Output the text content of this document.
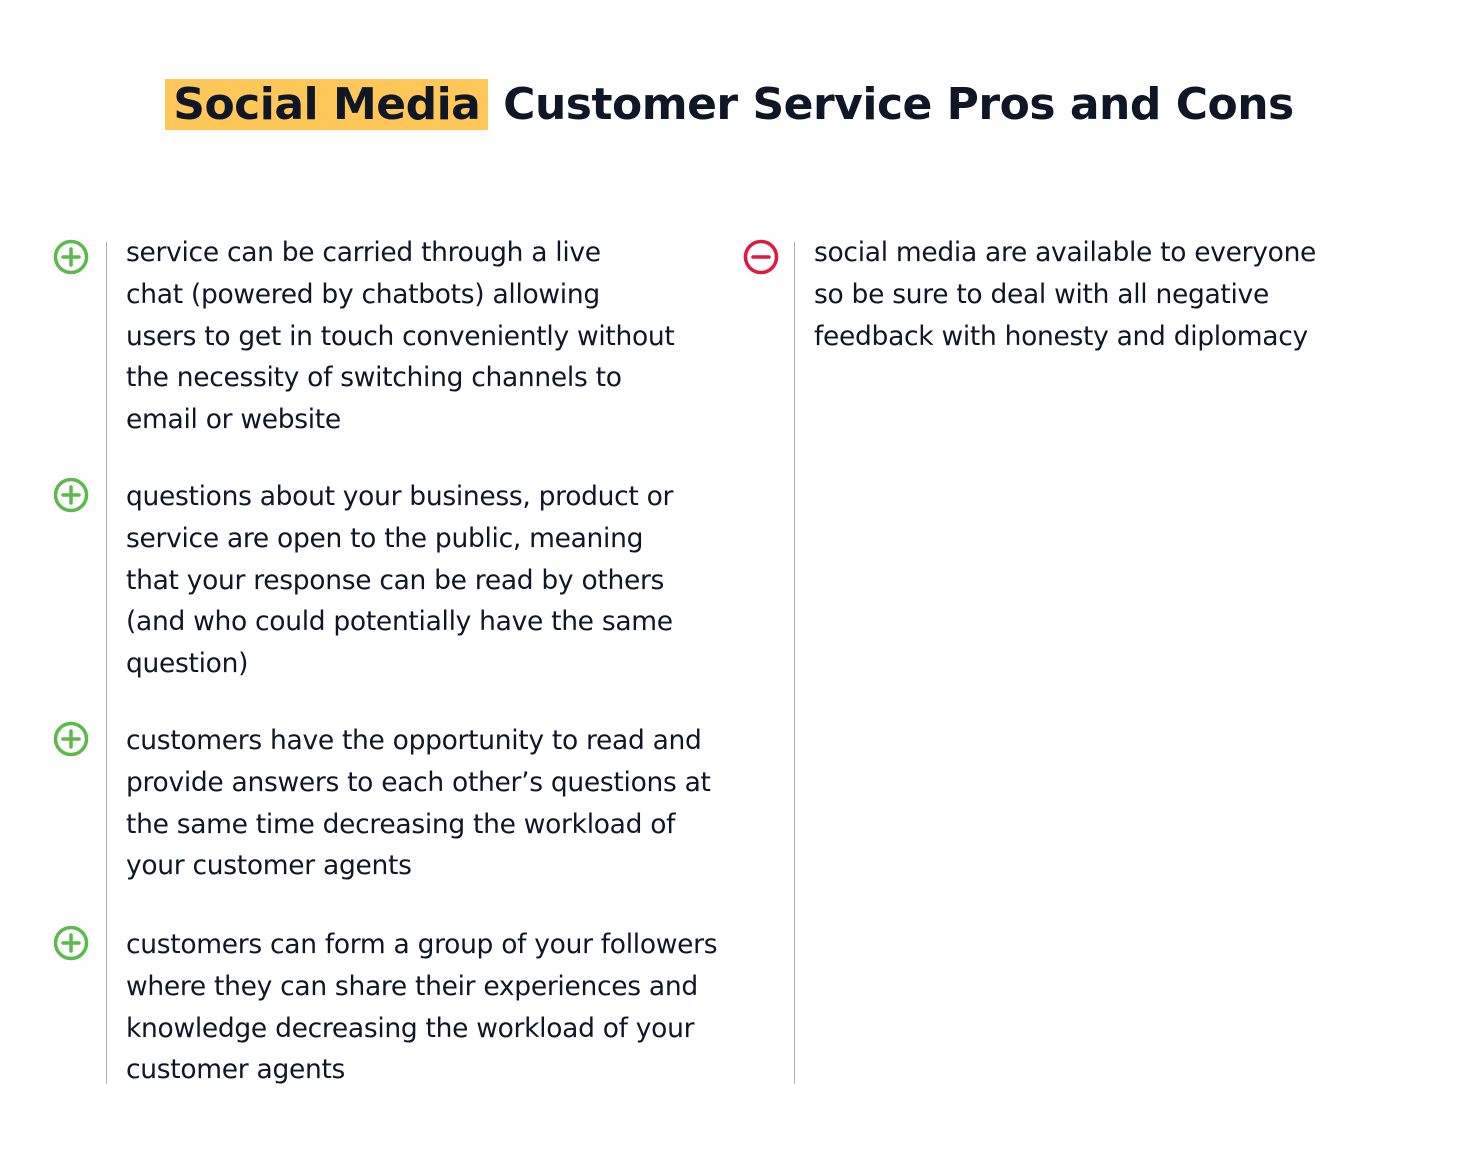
Social Media Customer Service Pros and Cons
service can be carried through a live
chat (powered by chatbots) allowing
users to get in touch conveniently without
the necessity of switching channels to
email or website
questions about your business, product or
service are open to the public, meaning
that your response can be read by others
(and who could potentially have the same
question)
customers have the opportunity to read and
provide answers to each other’s questions at
the same time decreasing the workload of
your customer agents
customers can form a group of your followers
where they can share their experiences and
knowledge decreasing the workload of your
customer agents
social media are available to everyone
so be sure to deal with all negative
feedback with honesty and diplomacy
